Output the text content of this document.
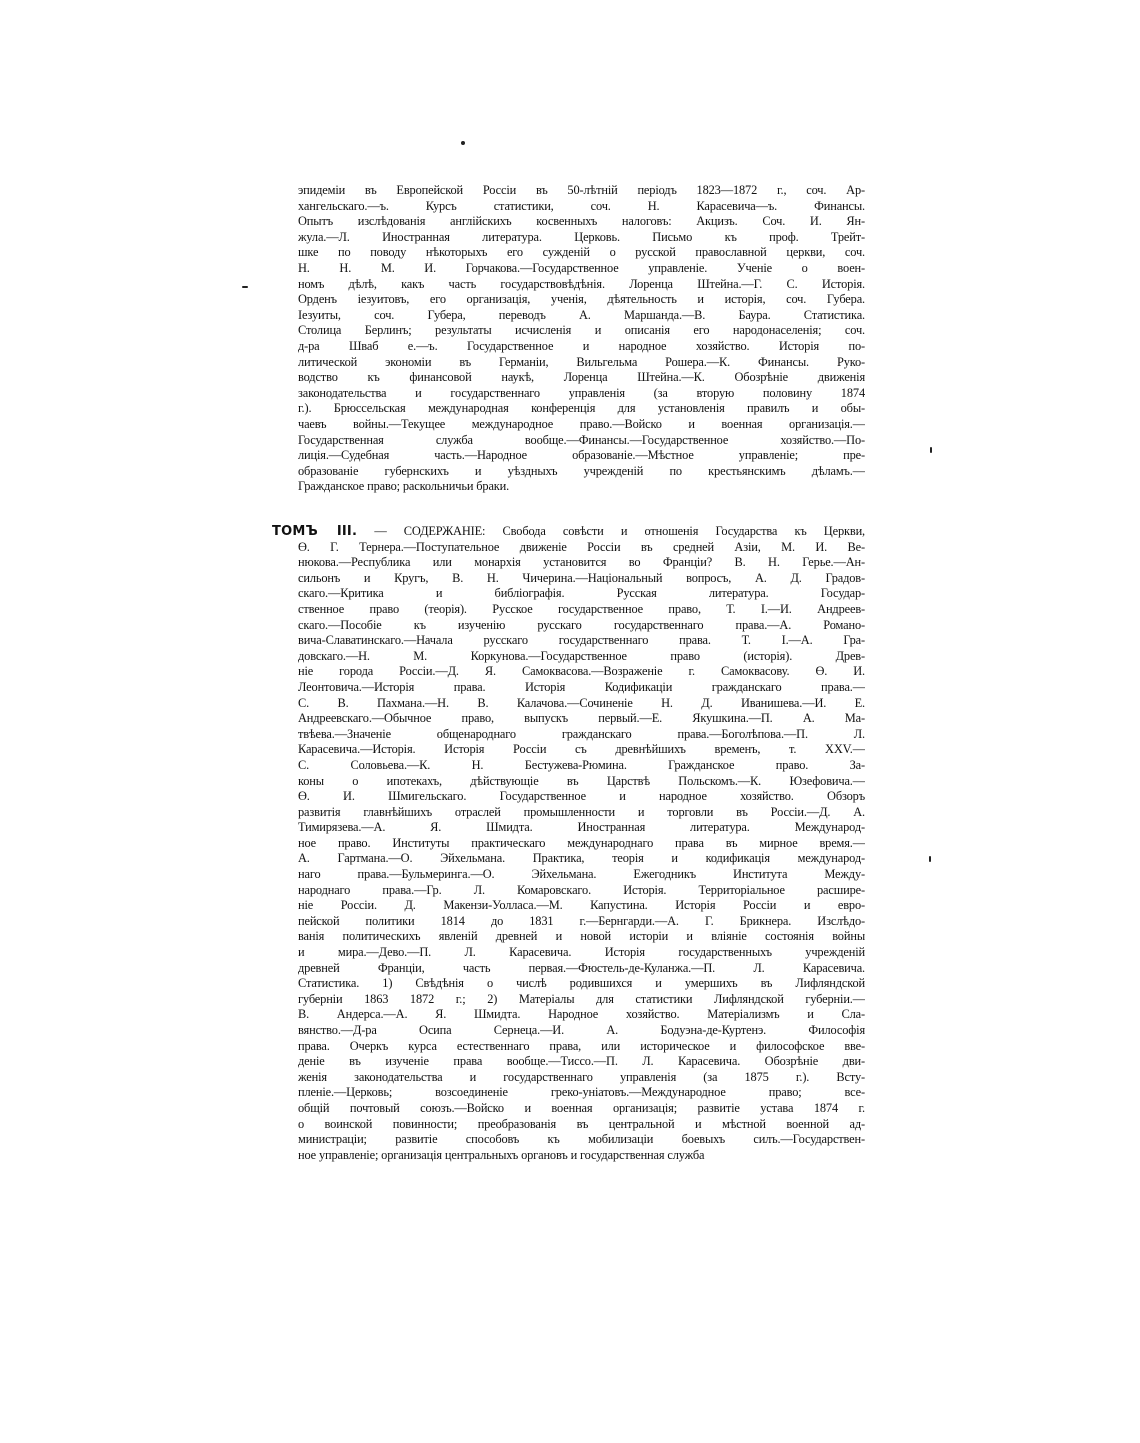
эпидеміи въ Европейской Россіи въ 50-лѣтній періодъ 1823—1872 г., соч. Ар-
хангельскаго.—ъ. Курсъ статистики, соч. Н. Карасевича—ъ. Финансы.
Опытъ изслѣдованія англійскихъ косвенныхъ налоговъ: Акцизъ. Соч. И. Ян-
жула.—Л. Иностранная литература. Церковь. Письмо къ проф. Трейт-
шке по поводу нѣкоторыхъ его сужденій о русской православной церкви, соч.
Н. Н. М. И. Горчакова.—Государственное управленіе. Ученіе о воен-
номъ дѣлѣ, какъ часть государствовѣдѣнія. Лоренца Штейна.—Г. С. Исторія.
Орденъ іезуитовъ, его организація, ученія, дѣятельность и исторія, соч. Губера.
Іезуиты, соч. Губера, переводъ А. Маршанда.—В. Баура. Статистика.
Столица Берлинъ; результаты исчисленія и описанія его народонаселенія; соч.
д-ра Шваб е.—ъ. Государственное и народное хозяйство. Исторія по-
литической экономіи въ Германіи, Вильгельма Рошера.—К. Финансы. Руко-
водство къ финансовой наукѣ, Лоренца Штейна.—К. Обозрѣніе движенія
законодательства и государственнаго управленія (за вторую половину 1874
г.). Брюссельская международная конференція для установленія правилъ и обы-
чаевъ войны.—Текущее международное право.—Войско и военная организація.—
Государственная служба вообще.—Финансы.—Государственное хозяйство.—По-
лиція.—Судебная часть.—Народное образованіе.—Мѣстное управленіе; пре-
образованіе губернскихъ и уѣздныхъ учрежденій по крестьянскимъ дѣламъ.—
Гражданское право; раскольничьи браки.
ТОМЪ III. — СОДЕРЖАНІЕ: Свобода совѣсти и отношенія Государства къ Церкви,
Ө. Г. Тернера.—Поступательное движеніе Россіи въ средней Азіи, М. И. Ве-
нюкова.—Республика или монархія установится во Франціи? В. Н. Герье.—Ан-
сильонъ и Кругъ, В. Н. Чичерина.—Національный вопросъ, А. Д. Градов-
скаго.—Критика и библіографія. Русская литература. Государ-
ственное право (теорія). Русское государственное право, Т. I.—И. Андреев-
скаго.—Пособіе къ изученію русскаго государственнаго права.—А. Романо-
вича-Славатинскаго.—Начала русскаго государственнаго права. Т. I.—А. Гра-
довскаго.—Н. М. Коркунова.—Государственное право (исторія). Древ-
ніе города Россіи.—Д. Я. Самоквасова.—Возраженіе г. Самоквасову. Ө. И.
Леонтовича.—Исторія права. Исторія Кодификаціи гражданскаго права.—
С. В. Пахмана.—Н. В. Калачова.—Сочиненіе Н. Д. Иванишева.—И. Е.
Андреевскаго.—Обычное право, выпускъ первый.—Е. Якушкина.—П. А. Ма-
твѣева.—Значеніе общенароднаго гражданскаго права.—Боголѣпова.—П. Л.
Карасевича.—Исторія. Исторія Россіи съ древнѣйшихъ временъ, т. XXV.—
С. Соловьева.—К. Н. Бестужева-Рюмина. Гражданское право. За-
коны о ипотекахъ, дѣйствующіе въ Царствѣ Польскомъ.—К. Юзефовича.—
Ө. И. Шмигельскаго. Государственное и народное хозяйство. Обзоръ
развитія главнѣйшихъ отраслей промышленности и торговли въ Россіи.—Д. А.
Тимирязева.—А. Я. Шмидта. Иностранная литература. Международ-
ное право. Институты практическаго международнаго права въ мирное время.—
А. Гартмана.—О. Эйхельмана. Практика, теорія и кодификація международ-
наго права.—Бульмеринга.—О. Эйхельмана. Ежегодникъ Института Между-
народнаго права.—Гр. Л. Комаровскаго. Исторія. Территоріальное расшире-
ніе Россіи. Д. Макензи-Уолласа.—М. Капустина. Исторія Россіи и евро-
пейской политики 1814 до 1831 г.—Бернгарди.—А. Г. Брикнера. Изслѣдо-
ванія политическихъ явленій древней и новой исторіи и вліяніе состоянія войны
и мира.—Дево.—П. Л. Карасевича. Исторія государственныхъ учрежденій
древней Франціи, часть первая.—Фюстель-де-Куланжа.—П. Л. Карасевича.
Статистика. 1) Свѣдѣнія о числѣ родившихся и умершихъ въ Лифляндской
губерніи 1863 1872 г.; 2) Матеріалы для статистики Лифляндской губерніи.—
В. Андерса.—А. Я. Шмидта. Народное хозяйство. Матеріализмъ и Сла-
вянство.—Д-ра Осипа Сернеца.—И. А. Бодуэна-де-Куртенэ. Философія
права. Очеркъ курса естественнаго права, или историческое и философское вве-
деніе въ изученіе права вообще.—Тиссо.—П. Л. Карасевича. Обозрѣніе дви-
женія законодательства и государственнаго управленія (за 1875 г.). Всту-
пленіе.—Церковь; возсоединеніе греко-уніатовъ.—Международное право; все-
общій почтовый союзъ.—Войско и военная организація; развитіе устава 1874 г.
о воинской повинности; преобразованія въ центральной и мѣстной военной ад-
министраціи; развитіе способовъ къ мобилизаціи боевыхъ силъ.—Государствен-
ное управленіе; организація центральныхъ органовъ и государственная служба
